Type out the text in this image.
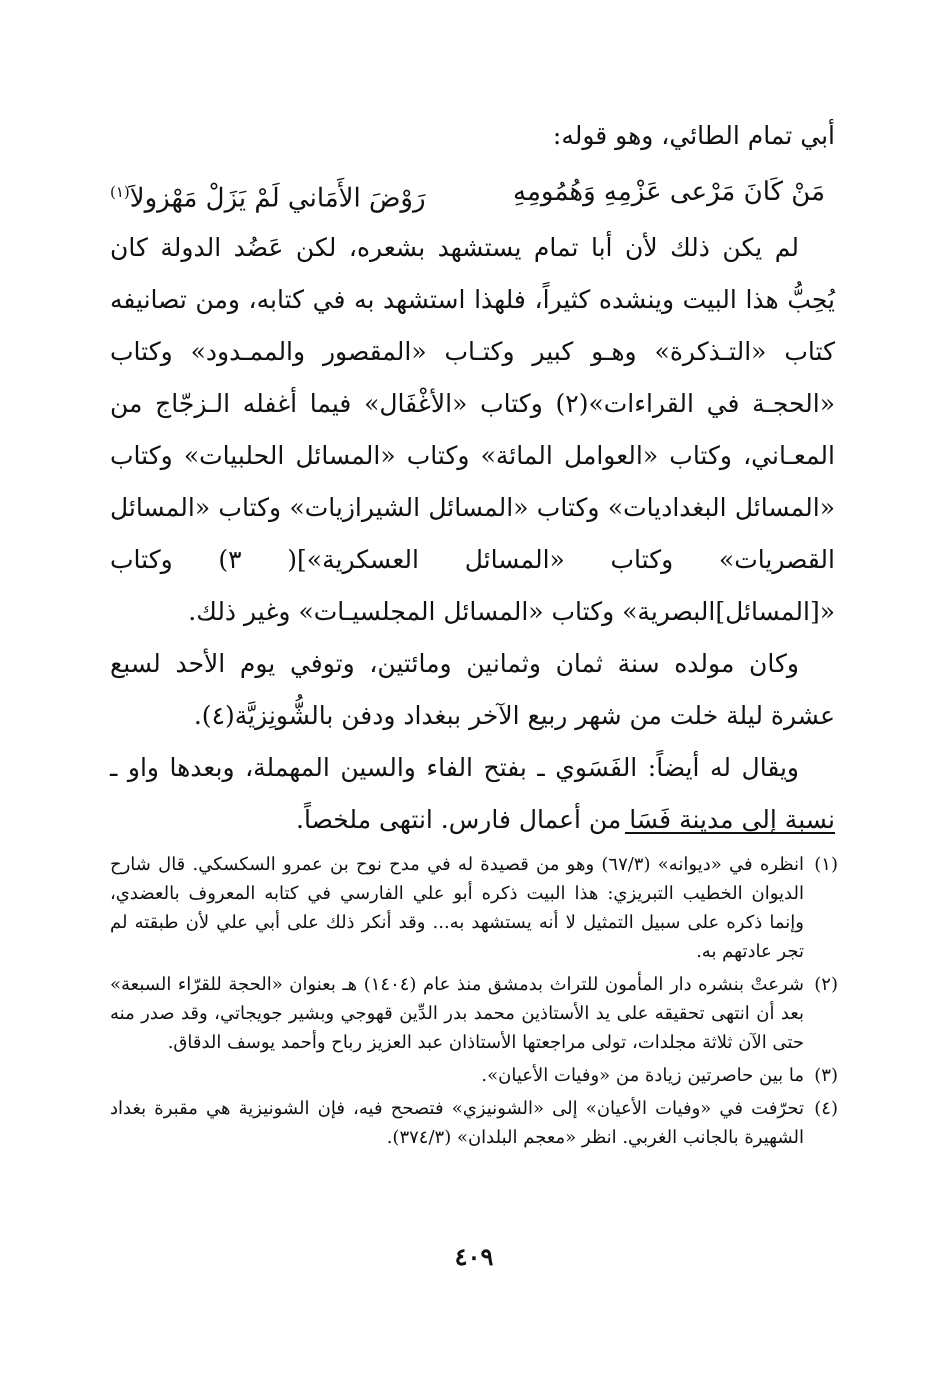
أبي تمام الطائي، وهو قوله:

مَنْ كَانَ مَرْعى عَزْمِهِ وَهُمُومِهِ
رَوْضَ الأَمَاني لَمْ يَزَلْ مَهْزولاَ$^{(١)}$

لم يكن ذلك لأن أبا تمام يستشهد بشعره، لكن عَضُد الدولة كان يُحِبُّ هذا البيت وينشده كثيراً، فلهذا استشهد به في كتابه، ومن تصانيفه كتاب «التـذكرة» وهـو كبير وكتـاب «المقصور والممـدود» وكتاب «الحجـة في القراءات»(٢) وكتاب «الأغْفَال» فيما أغفله الـزجّاج من المعـاني، وكتاب «العوامل المائة» وكتاب «المسائل الحلبيات» وكتاب «المسائل البغداديات» وكتاب «المسائل الشيرازيات» وكتاب «المسائل القصريات» وكتاب «المسائل العسكرية»]( ٣) وكتاب «[المسائل]البصرية» وكتاب «المسائل المجلسيـات» وغير ذلك.

وكان مولده سنة ثمان وثمانين ومائتين، وتوفي يوم الأحد لسبع عشرة ليلة خلت من شهر ربيع الآخر ببغداد ودفن بالشُّونِزيَّة(٤).

ويقال له أيضاً: الفَسَوي ـ بفتح الفاء والسين المهملة، وبعدها واو ـ نسبة إلى مدينة فَسَا من أعمال فارس. انتهى ملخصاً.

(١)انظره في «ديوانه» (٦٧/٣) وهو من قصيدة له في مدح نوح بن عمرو السكسكي. قال شارح الديوان الخطيب التبريزي: هذا البيت ذكره أبو علي الفارسي في كتابه المعروف بالعضدي، وإنما ذكره على سبيل التمثيل لا أنه يستشهد به... وقد أنكر ذلك على أبي علي لأن طبقته لم تجر عادتهم به.

(٢)شرعتْ بنشره دار المأمون للتراث بدمشق منذ عام (١٤٠٤) هـ بعنوان «الحجة للقرّاء السبعة» بعد أن انتهى تحقيقه على يد الأستاذين محمد بدر الدِّين قهوجي وبشير جويجاتي، وقد صدر منه حتى الآن ثلاثة مجلدات، تولى مراجعتها الأستاذان عبد العزيز رباح وأحمد يوسف الدقاق.

(٣)ما بين حاصرتين زيادة من «وفيات الأعيان».

(٤)تحرّفت في «وفيات الأعيان» إلى «الشونيزي» فتصحح فيه، فإن الشونيزية هي مقبرة بغداد الشهيرة بالجانب الغربي. انظر «معجم البلدان» (٣٧٤/٣).

٤٠٩
